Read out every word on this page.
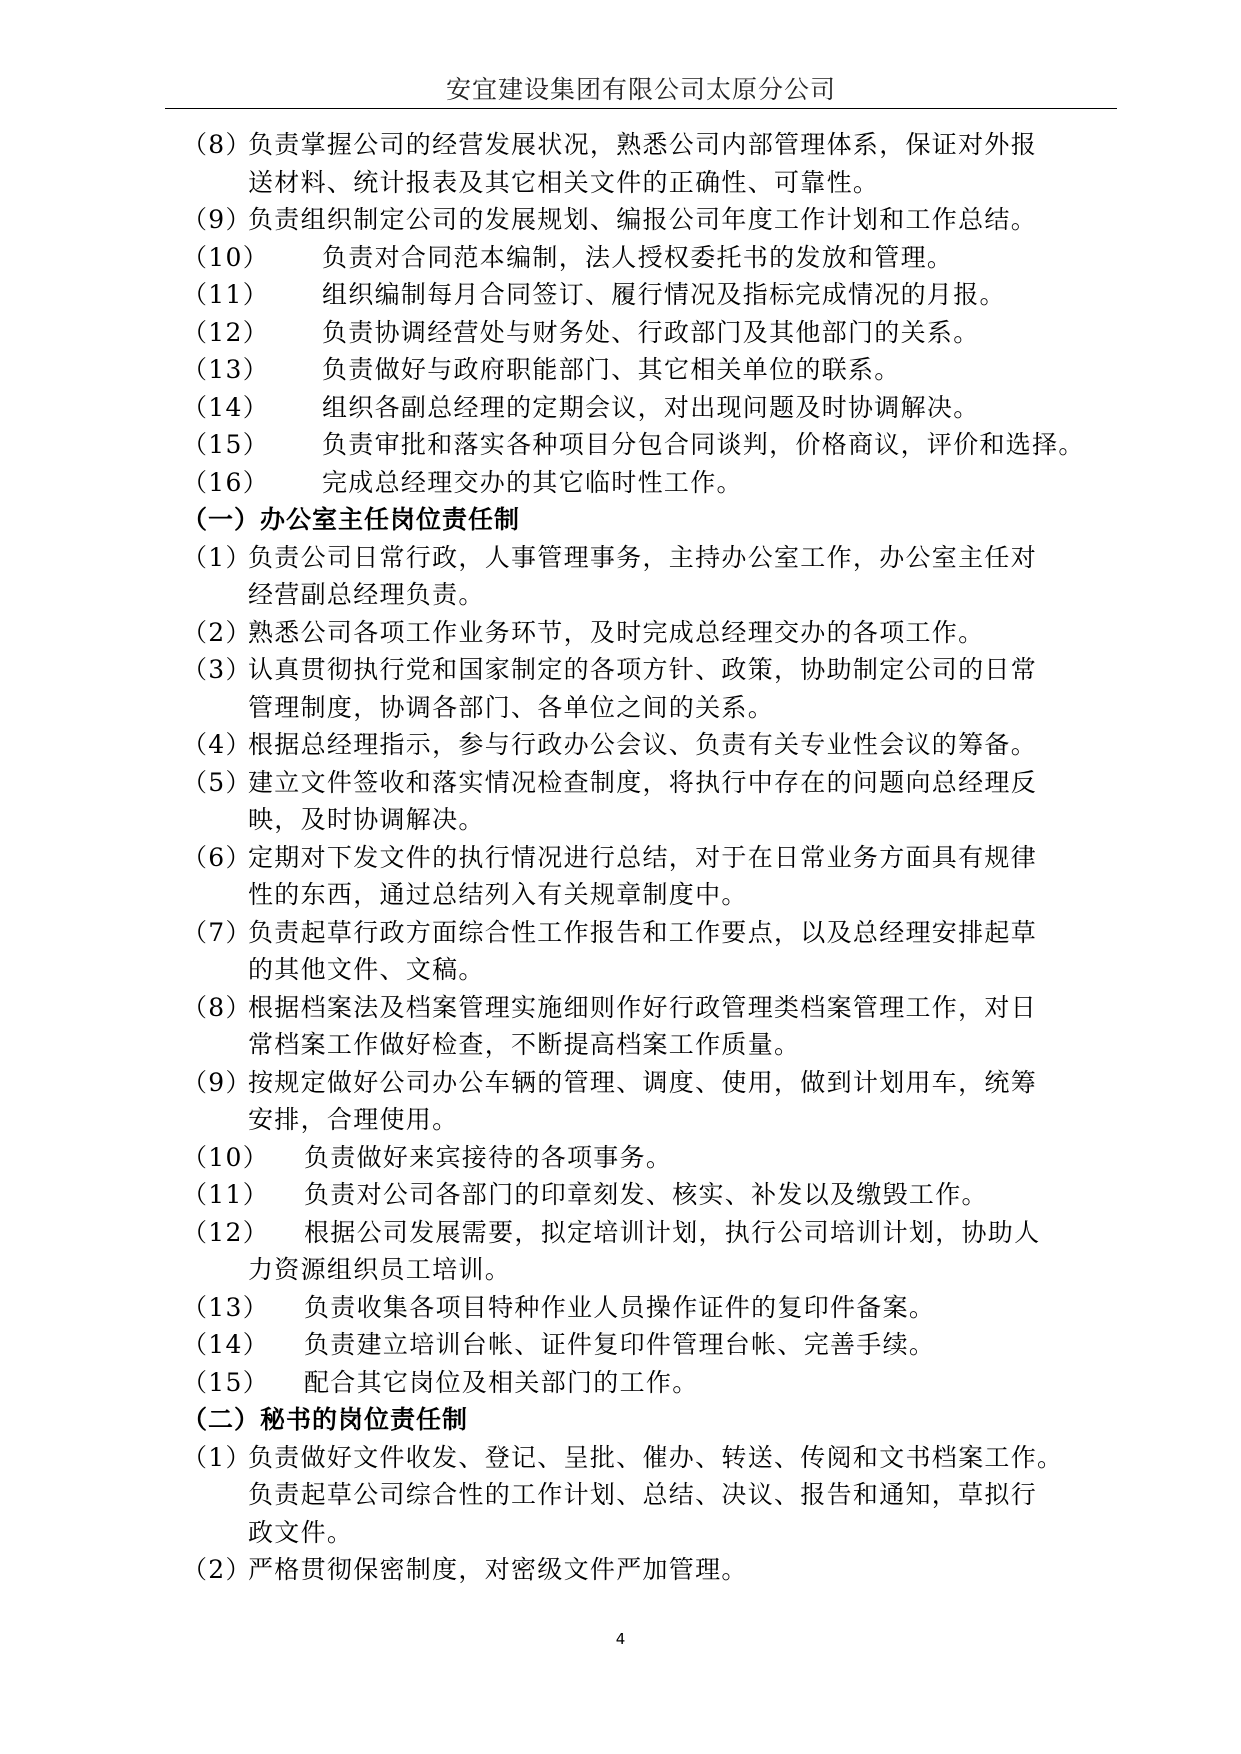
安宜建设集团有限公司太原分公司
（8）
负责掌握公司的经营发展状况，熟悉公司内部管理体系，保证对外报
送材料、统计报表及其它相关文件的正确性、可靠性。
（9）
负责组织制定公司的发展规划、编报公司年度工作计划和工作总结。
（10）	负责对合同范本编制，法人授权委托书的发放和管理。
（11）	组织编制每月合同签订、履行情况及指标完成情况的月报。
（12）	负责协调经营处与财务处、行政部门及其他部门的关系。
（13）	负责做好与政府职能部门、其它相关单位的联系。
（14）	组织各副总经理的定期会议，对出现问题及时协调解决。
（15）	负责审批和落实各种项目分包合同谈判，价格商议，评价和选择。
（16）	完成总经理交办的其它临时性工作。
（一）办公室主任岗位责任制
（1）
负责公司日常行政，人事管理事务，主持办公室工作，办公室主任对
经营副总经理负责。
（2）
熟悉公司各项工作业务环节，及时完成总经理交办的各项工作。
（3）
认真贯彻执行党和国家制定的各项方针、政策，协助制定公司的日常
管理制度，协调各部门、各单位之间的关系。
（4）
根据总经理指示，参与行政办公会议、负责有关专业性会议的筹备。
（5）
建立文件签收和落实情况检查制度，将执行中存在的问题向总经理反
映，及时协调解决。
（6）
定期对下发文件的执行情况进行总结，对于在日常业务方面具有规律
性的东西，通过总结列入有关规章制度中。
（7）
负责起草行政方面综合性工作报告和工作要点，以及总经理安排起草
的其他文件、文稿。
（8）
根据档案法及档案管理实施细则作好行政管理类档案管理工作，对日
常档案工作做好检查，不断提高档案工作质量。
（9）
按规定做好公司办公车辆的管理、调度、使用，做到计划用车，统筹
安排，合理使用。
（10）	负责做好来宾接待的各项事务。
（11）	负责对公司各部门的印章刻发、核实、补发以及缴毁工作。
（12）	根据公司发展需要，拟定培训计划，执行公司培训计划，协助人
力资源组织员工培训。
（13）	负责收集各项目特种作业人员操作证件的复印件备案。
（14）	负责建立培训台帐、证件复印件管理台帐、完善手续。
（15）	配合其它岗位及相关部门的工作。
（二）秘书的岗位责任制
（1）
负责做好文件收发、登记、呈批、催办、转送、传阅和文书档案工作。
负责起草公司综合性的工作计划、总结、决议、报告和通知，草拟行
政文件。
（2）
严格贯彻保密制度，对密级文件严加管理。
4
